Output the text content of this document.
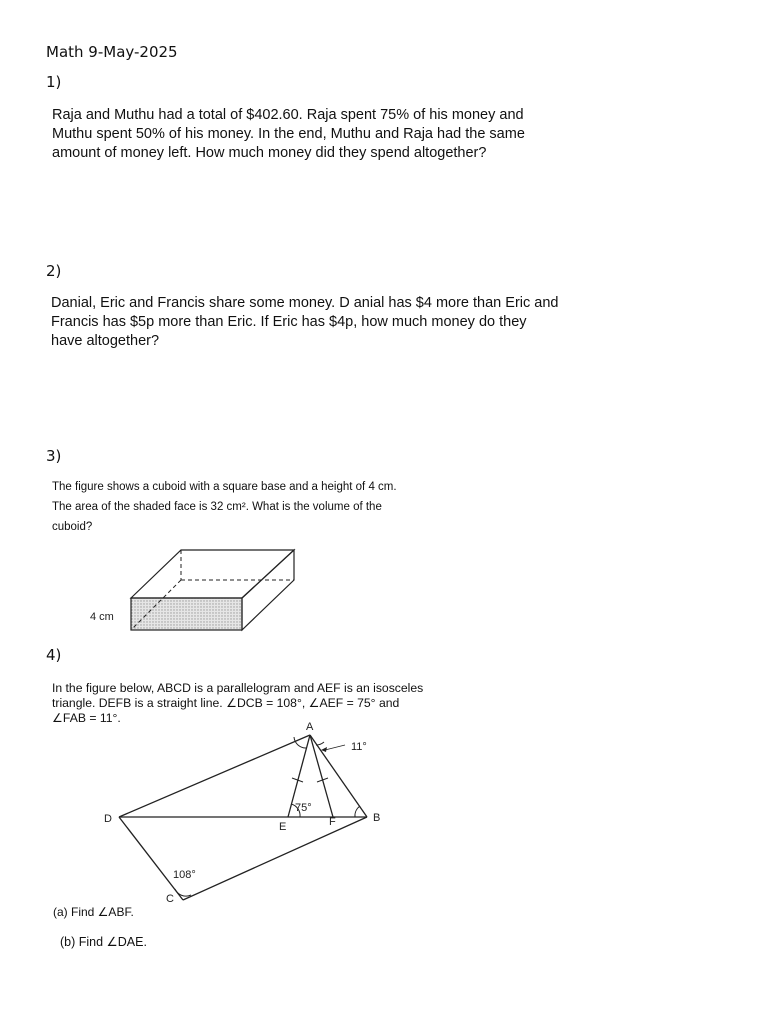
Math 9-May-2025
1)
Raja and Muthu had a total of $402.60. Raja spent 75% of his money and
Muthu spent 50% of his money. In the end, Muthu and Raja had the same
amount of money left. How much money did they spend altogether?
2)
Danial, Eric and Francis share some money. D anial has $4 more than Eric and
Francis has $5p more than Eric. If Eric has $4p, how much money do they
have altogether?
3)
The figure shows a cuboid with a square base and a height of 4 cm.
The area of the shaded face is 32 cm². What is the volume of the
cuboid?
4 cm
4)
In the figure below, ABCD is a parallelogram and AEF is an isosceles
triangle. DEFB is a straight line. ∠DCB = 108°, ∠AEF = 75° and
∠FAB = 11°.
A
B
C
D
E	F
11°
75°
108°
(a) Find ∠ABF.
(b) Find ∠DAE.
